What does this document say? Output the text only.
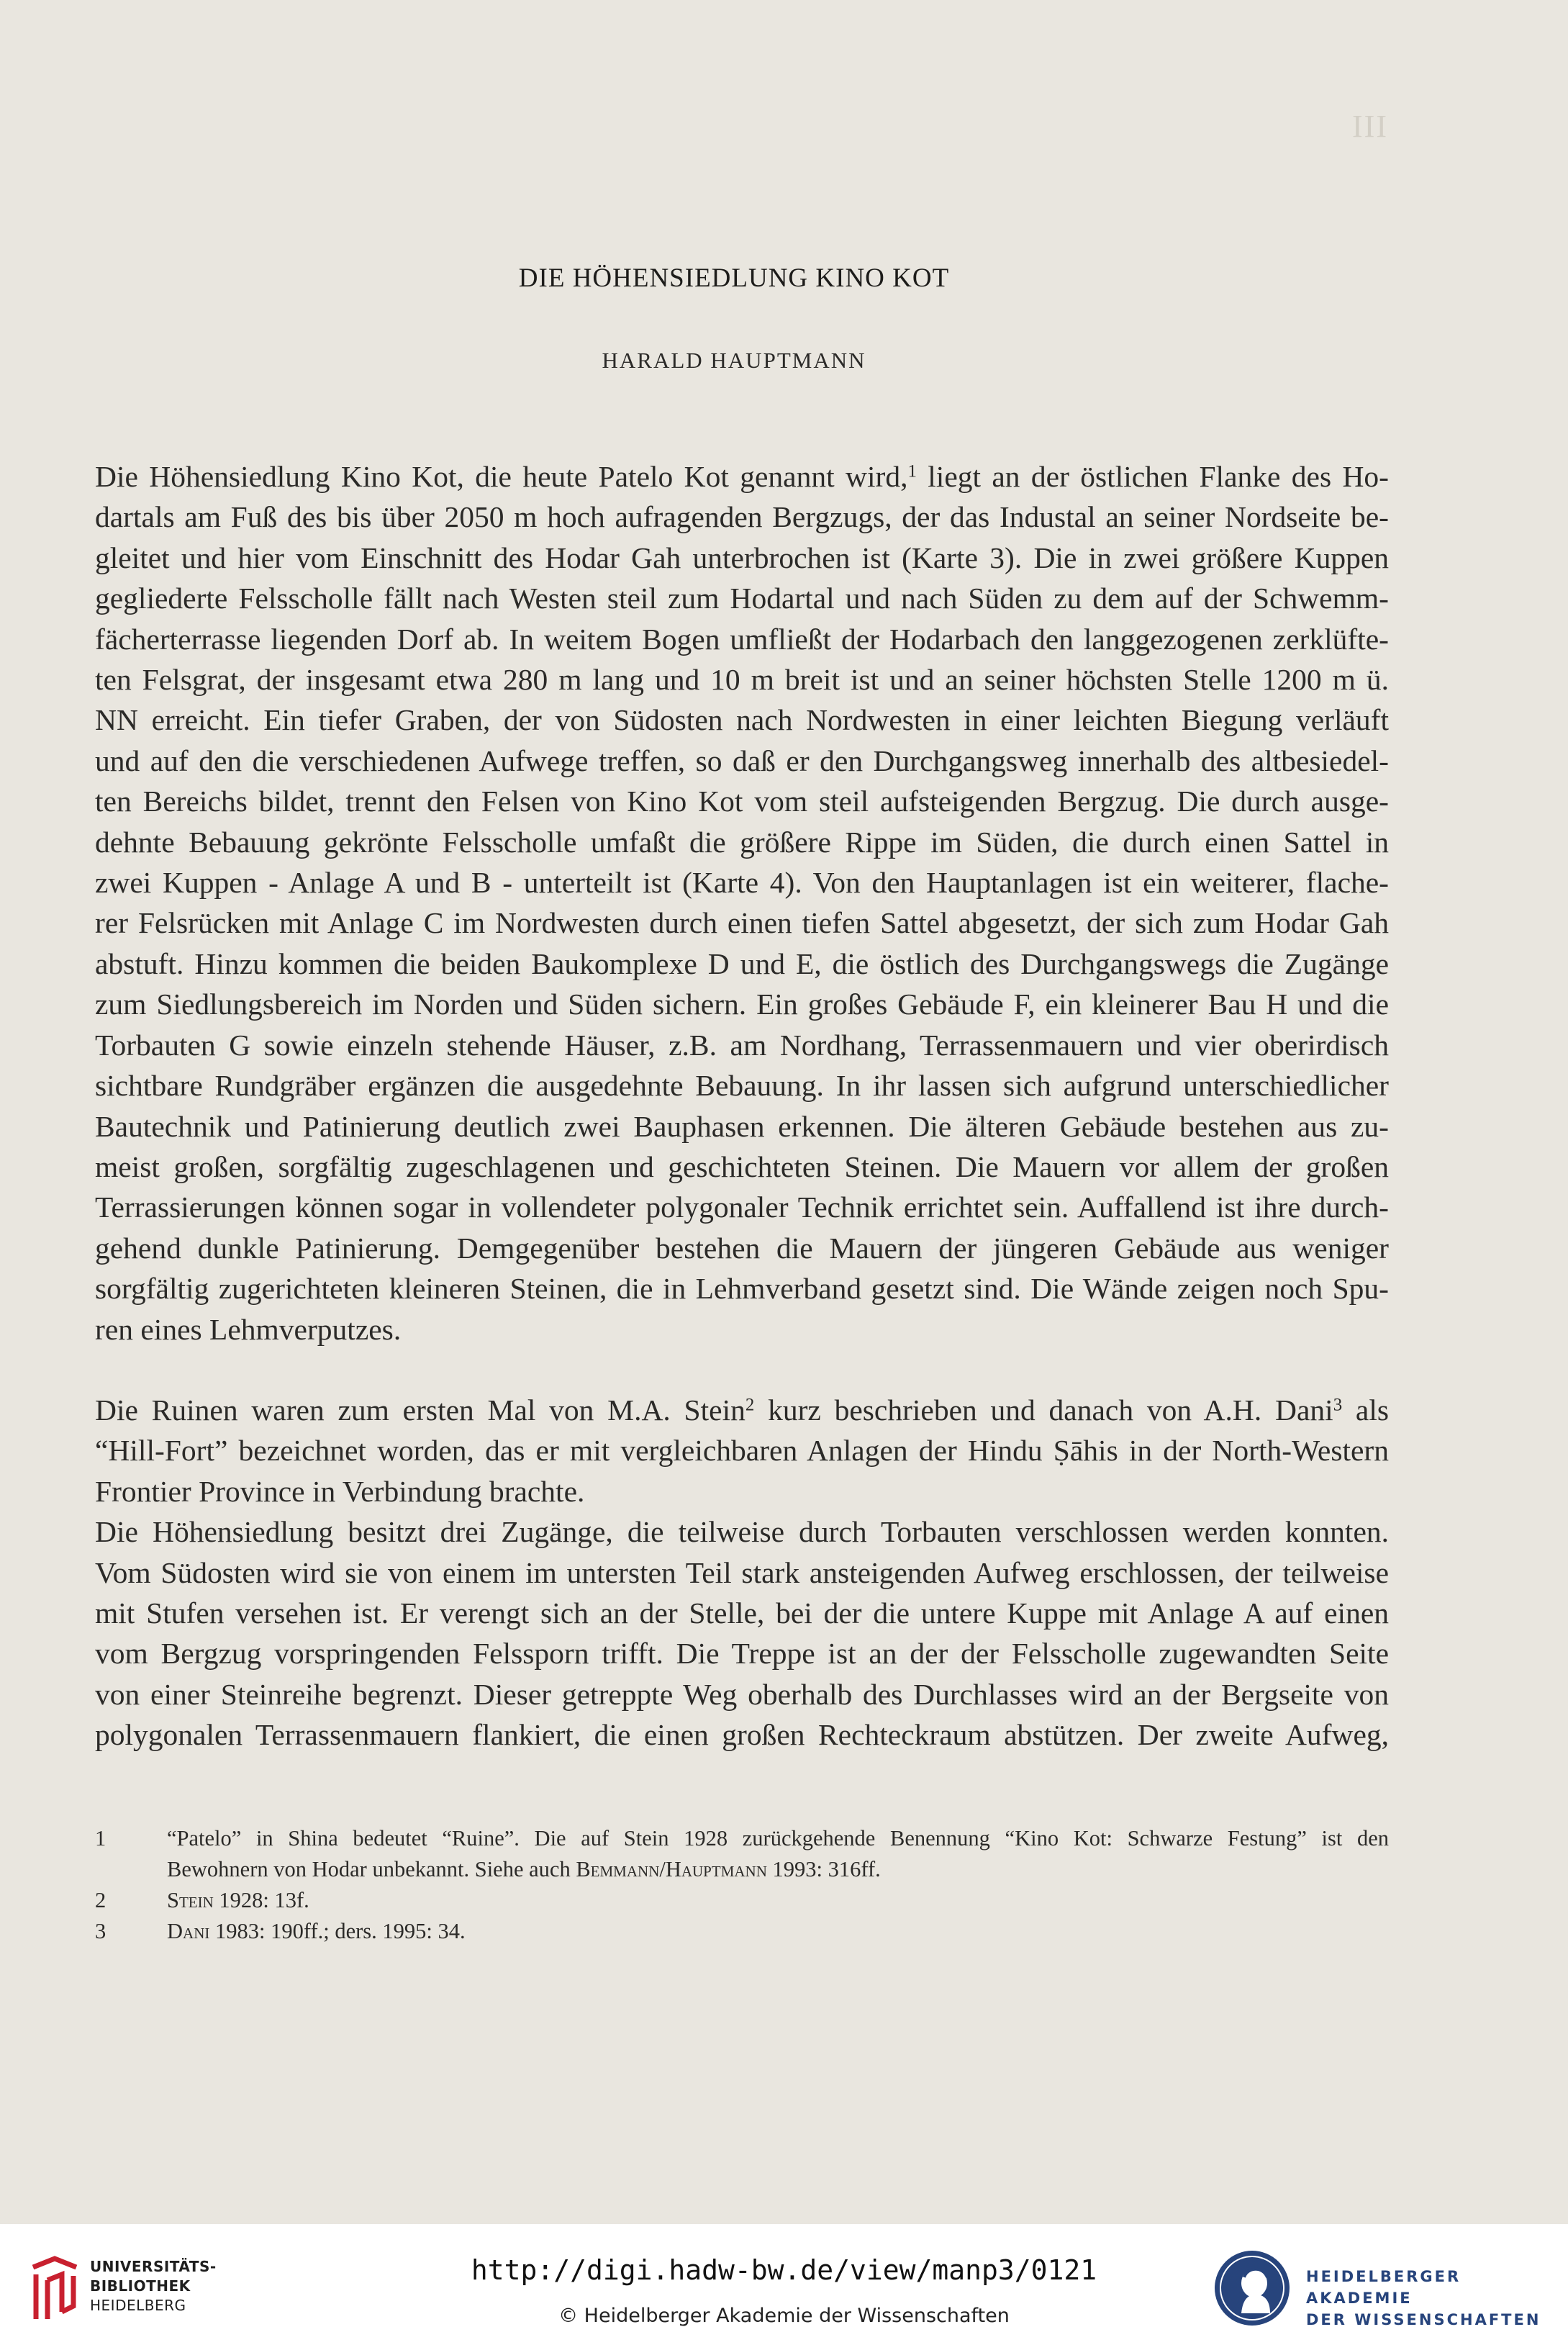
III
DIE HÖHENSIEDLUNG KINO KOT
HARALD HAUPTMANN
Die Höhensiedlung Kino Kot, die heute Patelo Kot genannt wird,$^1$ liegt an der östlichen Flanke des Ho-
dartals am Fuß des bis über 2050 m hoch aufragenden Bergzugs, der das Industal an seiner Nordseite be-
gleitet und hier vom Einschnitt des Hodar Gah unterbrochen ist (Karte 3). Die in zwei größere Kuppen
gegliederte Felsscholle fällt nach Westen steil zum Hodartal und nach Süden zu dem auf der Schwemm-
fächerterrasse liegenden Dorf ab. In weitem Bogen umfließt der Hodarbach den langgezogenen zerklüfte-
ten Felsgrat, der insgesamt etwa 280 m lang und 10 m breit ist und an seiner höchsten Stelle 1200 m ü.
NN erreicht. Ein tiefer Graben, der von Südosten nach Nordwesten in einer leichten Biegung verläuft
und auf den die verschiedenen Aufwege treffen, so daß er den Durchgangsweg innerhalb des altbesiedel-
ten Bereichs bildet, trennt den Felsen von Kino Kot vom steil aufsteigenden Bergzug. Die durch ausge-
dehnte Bebauung gekrönte Felsscholle umfaßt die größere Rippe im Süden, die durch einen Sattel in
zwei Kuppen - Anlage A und B - unterteilt ist (Karte 4). Von den Hauptanlagen ist ein weiterer, flache-
rer Felsrücken mit Anlage C im Nordwesten durch einen tiefen Sattel abgesetzt, der sich zum Hodar Gah
abstuft. Hinzu kommen die beiden Baukomplexe D und E, die östlich des Durchgangswegs die Zugänge
zum Siedlungsbereich im Norden und Süden sichern. Ein großes Gebäude F, ein kleinerer Bau H und die
Torbauten G sowie einzeln stehende Häuser, z.B. am Nordhang, Terrassenmauern und vier oberirdisch
sichtbare Rundgräber ergänzen die ausgedehnte Bebauung. In ihr lassen sich aufgrund unterschiedlicher
Bautechnik und Patinierung deutlich zwei Bauphasen erkennen. Die älteren Gebäude bestehen aus zu-
meist großen, sorgfältig zugeschlagenen und geschichteten Steinen. Die Mauern vor allem der großen
Terrassierungen können sogar in vollendeter polygonaler Technik errichtet sein. Auffallend ist ihre durch-
gehend dunkle Patinierung. Demgegenüber bestehen die Mauern der jüngeren Gebäude aus weniger
sorgfältig zugerichteten kleineren Steinen, die in Lehmverband gesetzt sind. Die Wände zeigen noch Spu-
ren eines Lehmverputzes.
Die Ruinen waren zum ersten Mal von M.A. Stein$^2$ kurz beschrieben und danach von A.H. Dani$^3$ als
“Hill-Fort” bezeichnet worden, das er mit vergleichbaren Anlagen der Hindu Ṣāhis in der North-Western
Frontier Province in Verbindung brachte.
Die Höhensiedlung besitzt drei Zugänge, die teilweise durch Torbauten verschlossen werden konnten.
Vom Südosten wird sie von einem im untersten Teil stark ansteigenden Aufweg erschlossen, der teilweise
mit Stufen versehen ist. Er verengt sich an der Stelle, bei der die untere Kuppe mit Anlage A auf einen
vom Bergzug vorspringenden Felssporn trifft. Die Treppe ist an der der Felsscholle zugewandten Seite
von einer Steinreihe begrenzt. Dieser getreppte Weg oberhalb des Durchlasses wird an der Bergseite von
polygonalen Terrassenmauern flankiert, die einen großen Rechteckraum abstützen. Der zweite Aufweg,
1	“Patelo” in Shina bedeutet “Ruine”. Die auf Stein 1928 zurückgehende Benennung “Kino Kot: Schwarze Festung” ist den
Bewohnern von Hodar unbekannt. Siehe auch Bemmann/Hauptmann 1993: 316ff.
2	Stein 1928: 13f.
3	Dani 1983: 190ff.; ders. 1995: 34.
UNIVERSITÄTS-
BIBLIOTHEK
HEIDELBERG
http://digi.hadw-bw.de/view/manp3/0121
© Heidelberger Akademie der Wissenschaften
HEIDELBERGER AKADEMIE
DER WISSENSCHAFTEN
